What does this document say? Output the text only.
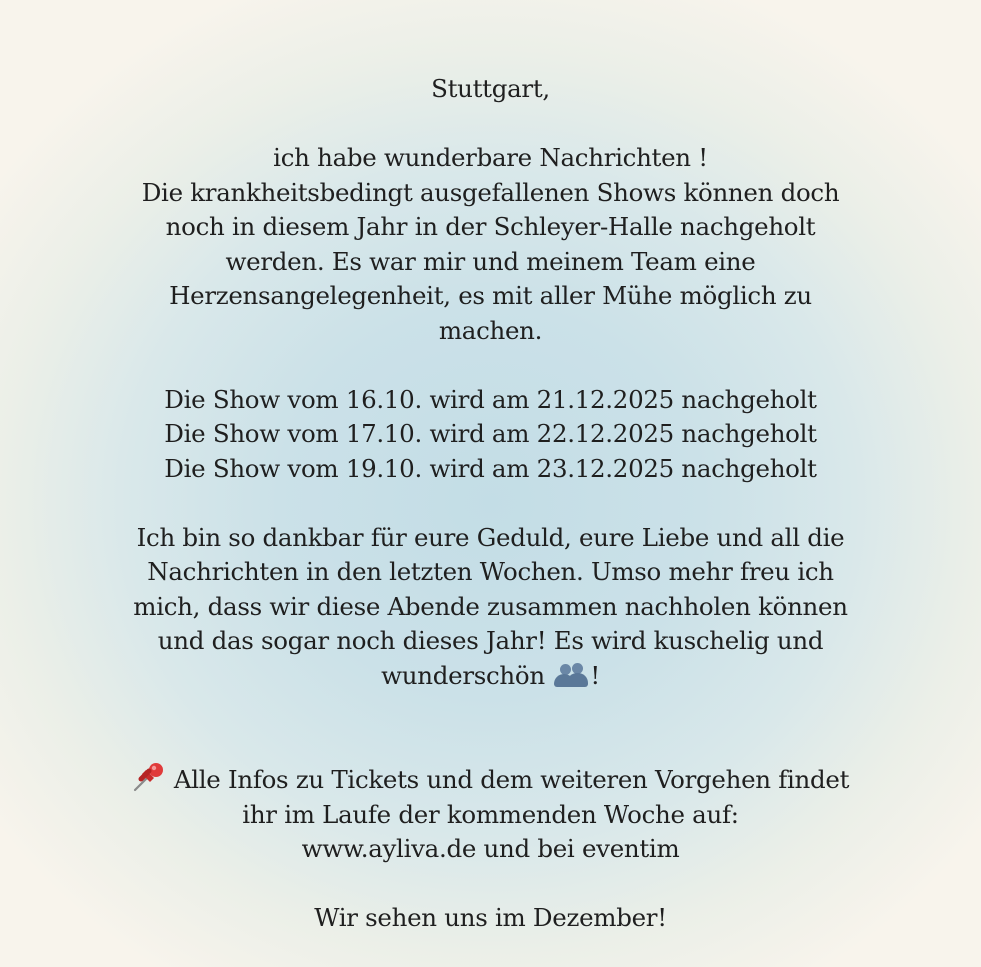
Stuttgart,

ich habe wunderbare Nachrichten !

Die krankheitsbedingt ausgefallenen Shows können doch

noch in diesem Jahr in der Schleyer-Halle nachgeholt

werden. Es war mir und meinem Team eine

Herzensangelegenheit, es mit aller Mühe möglich zu

machen.

Die Show vom 16.10. wird am 21.12.2025 nachgeholt

Die Show vom 17.10. wird am 22.12.2025 nachgeholt

Die Show vom 19.10. wird am 23.12.2025 nachgeholt

Ich bin so dankbar für eure Geduld, eure Liebe und all die

Nachrichten in den letzten Wochen. Umso mehr freu ich

mich, dass wir diese Abende zusammen nachholen können

und das sogar noch dieses Jahr! Es wird kuschelig und

wunderschön
!

Alle Infos zu Tickets und dem weiteren Vorgehen findet

ihr im Laufe der kommenden Woche auf:

www.ayliva.de und bei eventim

Wir sehen uns im Dezember!
